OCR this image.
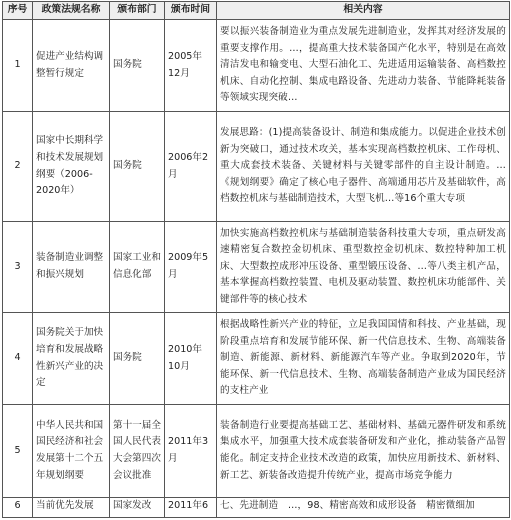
序号	政策法规名称	颁布部门	颁布时间	相关内容
1	促进产业结构调整暂行规定	国务院	2005年12月	要以振兴装备制造业为重点发展先进制造业，发挥其对经济发展的重要支撑作用。…，提高重大技术装备国产化水平，特别是在高效清洁发电和输变电、大型石油化工、先进适用运输装备、高档数控机床、自动化控制、集成电路设备、先进动力装备、节能降耗装备等领域实现突破…
2	国家中长期科学和技术发展规划纲要（2006-2020年）	国务院	2006年2月	发展思路：(1)提高装备设计、制造和集成能力。以促进企业技术创新为突破口，通过技术攻关，基本实现高档数控机床、工作母机、重大成套技术装备、关键材料与关键零部件的自主设计制造。…《规划纲要》确定了核心电子器件、高端通用芯片及基础软件，高档数控机床与基础制造技术，大型飞机…等16个重大专项
3	装备制造业调整和振兴规划	国家工业和信息化部	2009年5月	加快实施高档数控机床与基础制造装备科技重大专项，重点研发高速精密复合数控金切机床、重型数控金切机床、数控特种加工机床、大型数控成形冲压设备、重型锻压设备、…等八类主机产品，基本掌握高档数控装置、电机及驱动装置、数控机床功能部件、关键部件等的核心技术
4	国务院关于加快培育和发展战略性新兴产业的决定	国务院	2010年10月	根据战略性新兴产业的特征，立足我国国情和科技、产业基础，现阶段重点培育和发展节能环保、新一代信息技术、生物、高端装备制造、新能源、新材料、新能源汽车等产业。争取到2020年，节能环保、新一代信息技术、生物、高端装备制造产业成为国民经济的支柱产业
5	中华人民共和国国民经济和社会发展第十二个五年规划纲要	第十一届全国人民代表大会第四次会议批准	2011年3月	装备制造行业要提高基础工艺、基础材料、基础元器件研发和系统集成水平，加强重大技术成套装备研发和产业化，推动装备产品智能化。制定支持企业技术改造的政策，加快应用新技术、新材料、新工艺、新装备改造提升传统产业，提高市场竞争能力
6	当前优先发展	国家发改	2011年6	七、先进制造　…，98、精密高效和成形设备　精密微细加
